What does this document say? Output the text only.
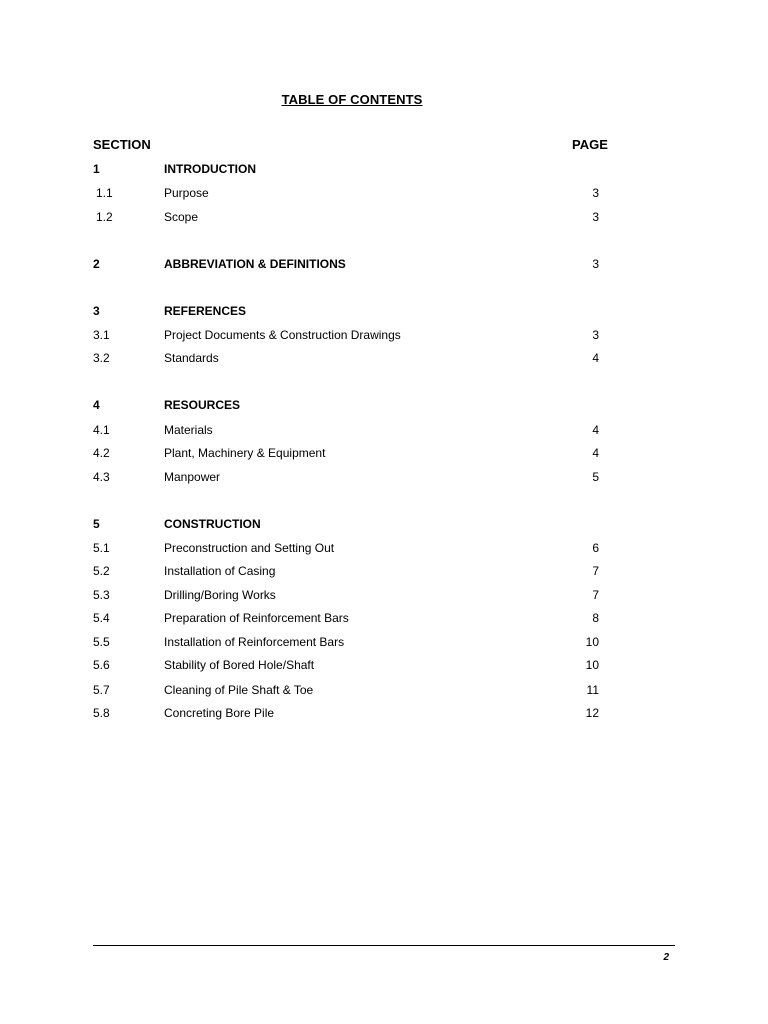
TABLE OF CONTENTS
SECTION	PAGE
1	INTRODUCTION
1.1	Purpose	3
1.2	Scope	3
2	ABBREVIATION & DEFINITIONS	3
3	REFERENCES
3.1	Project Documents & Construction Drawings	3
3.2	Standards	4
4	RESOURCES
4.1	Materials	4
4.2	Plant, Machinery & Equipment	4
4.3	Manpower	5
5	CONSTRUCTION
5.1	Preconstruction and Setting Out	6
5.2	Installation of Casing	7
5.3	Drilling/Boring Works	7
5.4	Preparation of Reinforcement Bars	8
5.5	Installation of Reinforcement Bars	10
5.6	Stability of Bored Hole/Shaft	10
5.7	Cleaning of Pile Shaft & Toe	11
5.8	Concreting Bore Pile	12
2
